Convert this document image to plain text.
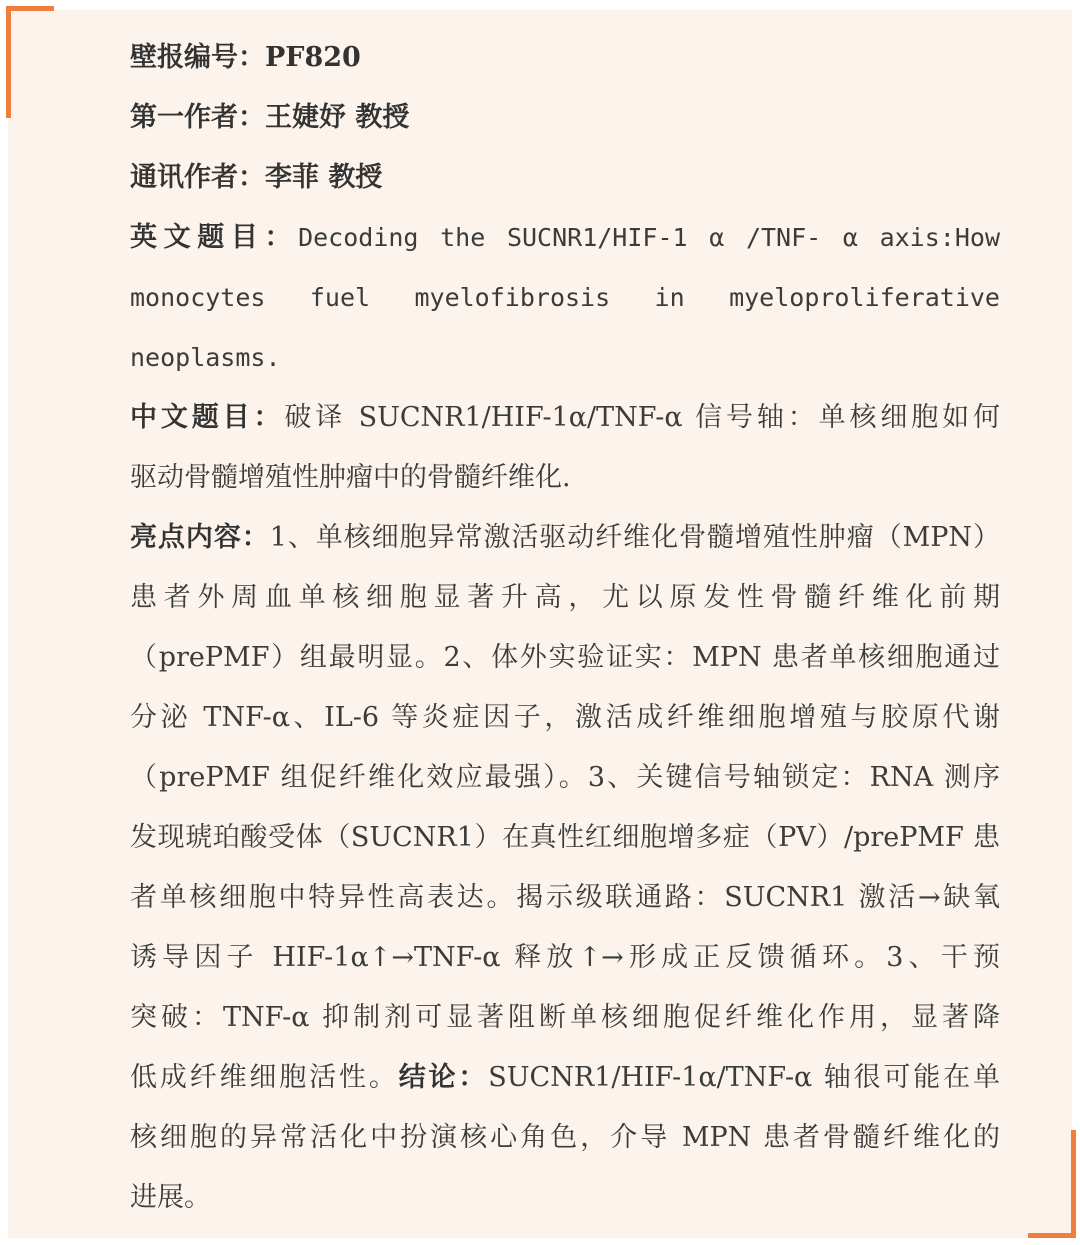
壁报编号：PF820
第一作者：王婕妤 教授
通讯作者：李菲 教授
英文题目：Decoding the SUCNR1/HIF-1 α /TNF- α axis:How
monocytes fuel myelofibrosis in myeloproliferative
neoplasms.
中文题目：破译 SUCNR1/HIF-1α/TNF-α 信号轴：单核细胞如何
驱动骨髓增殖性肿瘤中的骨髓纤维化.
亮点内容：1、单核细胞异常激活驱动纤维化骨髓增殖性肿瘤（MPN）
患者外周血单核细胞显著升高，尤以原发性骨髓纤维化前期
（prePMF）组最明显。2、体外实验证实：MPN 患者单核细胞通过
分泌 TNF-α、IL-6 等炎症因子，激活成纤维细胞增殖与胶原代谢
（prePMF 组促纤维化效应最强）。3、关键信号轴锁定：RNA 测序
发现琥珀酸受体（SUCNR1）在真性红细胞增多症（PV）/prePMF 患
者单核细胞中特异性高表达。揭示级联通路：SUCNR1 激活→缺氧
诱导因子 HIF-1α↑→TNF-α 释放↑→形成正反馈循环。3、干预
突破：TNF-α 抑制剂可显著阻断单核细胞促纤维化作用，显著降
低成纤维细胞活性。结论：SUCNR1/HIF-1α/TNF-α 轴很可能在单
核细胞的异常活化中扮演核心角色，介导 MPN 患者骨髓纤维化的
进展。
